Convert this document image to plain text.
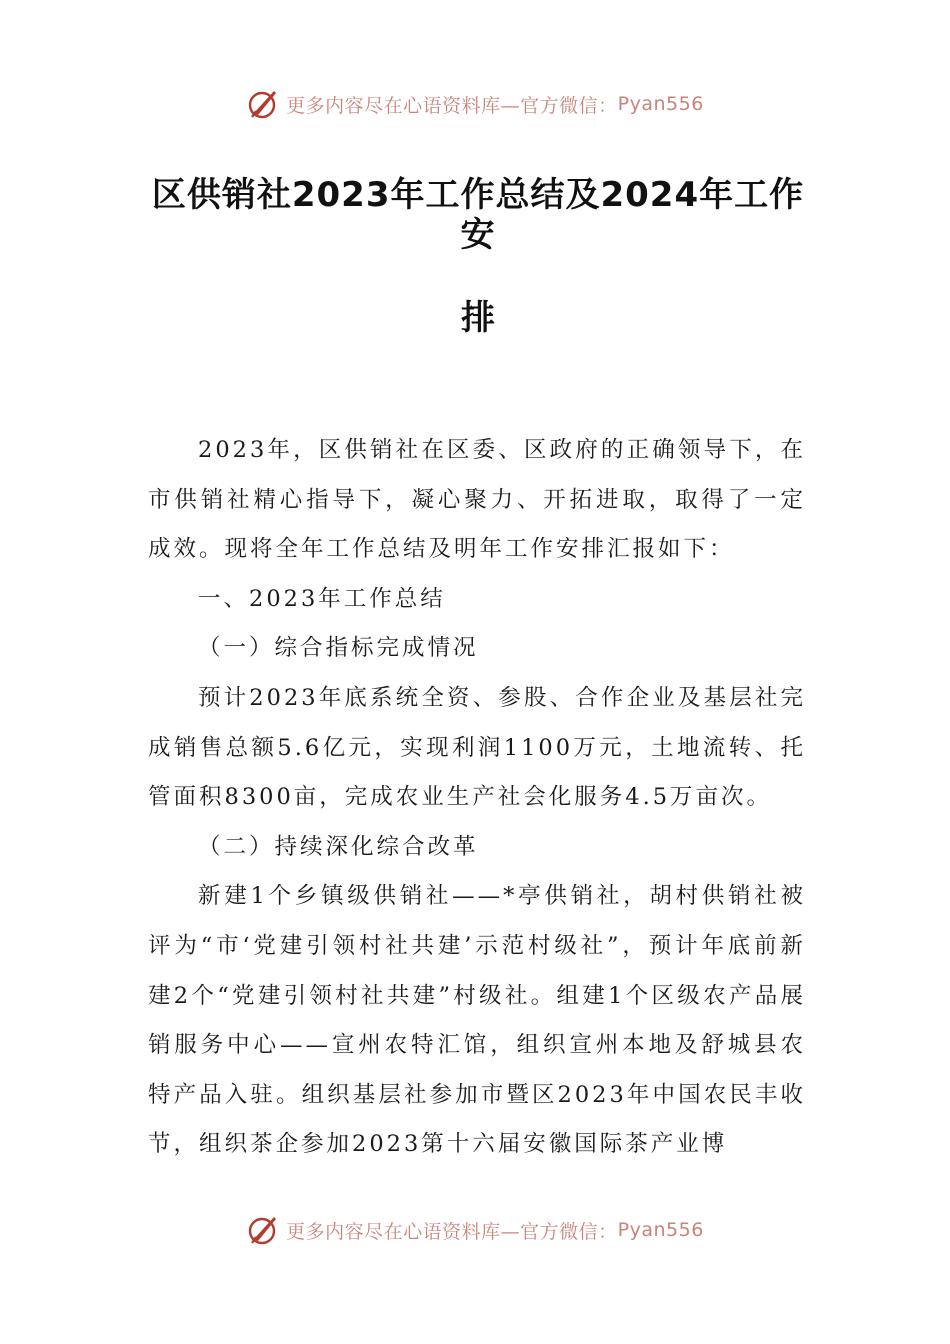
更多内容尽在心语资料库—官方微信： Pyan556
区供销社2023年工作总结及2024年工作安
排

2023年，区供销社在区委、区政府的正确领导下，在市供销社精心指导下，凝心聚力、开拓进取，取得了一定成效。现将全年工作总结及明年工作安排汇报如下：

一、2023年工作总结

（一）综合指标完成情况

预计2023年底系统全资、参股、合作企业及基层社完成销售总额5.6亿元，实现利润1100万元，土地流转、托管面积8300亩，完成农业生产社会化服务4.5万亩次。

（二）持续深化综合改革

新建1个乡镇级供销社——*亭供销社，胡村供销社被评为“市‘党建引领村社共建’示范村级社”，预计年底前新建2个“党建引领村社共建”村级社。组建1个区级农产品展销服务中心——宣州农特汇馆，组织宣州本地及舒城县农特产品入驻。组织基层社参加市暨区2023年中国农民丰收节，组织茶企参加2023第十六届安徽国际茶产业博

更多内容尽在心语资料库—官方微信： Pyan556
